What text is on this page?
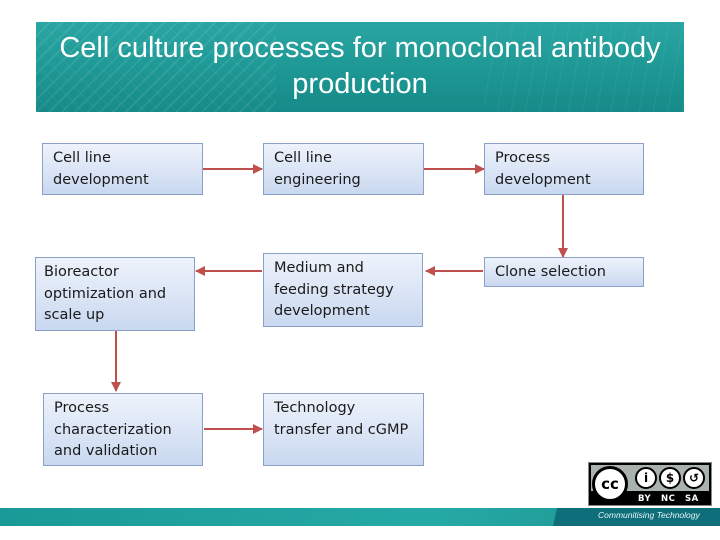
Cell culture processes for monoclonal antibody production
Cell line development
Cell line engineering
Process development
Bioreactor optimization and scale up
Medium and feeding strategy development
Clone selection
Process characterization and validation
Technology transfer and cGMP
cc	i	$	↺
BY NC SA
Communitising Technology
